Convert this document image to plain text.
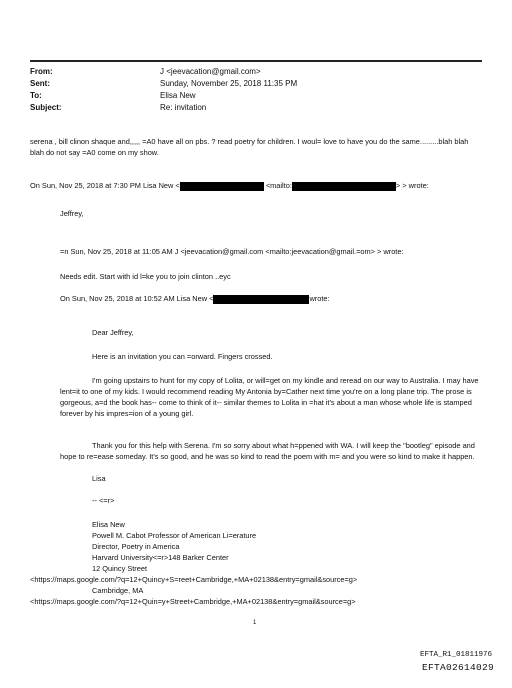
From:	J <jeevacation@gmail.com>
Sent:	Sunday, November 25, 2018 11:35 PM
To:	Elisa New
Subject:	Re: invitation
serena , bill clinon shaque and,,,,, =A0 have all on pbs. ? read poetry for children. I woul= love to have you do the same.........blah blah blah do not say =A0 come on my show.
On Sun, Nov 25, 2018 at 7:30 PM Lisa New <	<mailto:	> > wrote:
Jeffrey,
=n Sun, Nov 25, 2018 at 11:05 AM J <jeevacation@gmail.com <mailto:jeevacation@gmail.=om> > wrote:
Needs edit. Start with id l=ke you to join clinton ..eyc
On Sun, Nov 25, 2018 at 10:52 AM Lisa New <	wrote:
Dear Jeffrey,
Here is an invitation you can =orward. Fingers crossed.
I'm going upstairs to hunt for my copy of Lolita, or will=get on my kindle and reread on our way to Australia. I may have lent=it to one of my kids. I would recommend reading My Antonia by=Cather next time you're on a long plane trip. The prose is gorgeous, a=d the book has-- come to think of it-- similar themes to Lolita in =hat it's about a man whose whole life is stamped forever by his impres=ion of a young girl.
Thank you for this help with Serena. I'm so sorry about what h=ppened with WA. I will keep the "bootleg" episode and hope to re=ease someday. It's so good, and he was so kind to read the poem with m= and you were so kind to make it happen.
Lisa
-- <=r>
Elisa New
Powell M. Cabot Professor of American Li=erature
Director, Poetry in America
Harvard University<=r>148 Barker Center
12 Quincy Street
<https://maps.google.com/?q=12+Quincy+S=reet+Cambridge,+MA+02138&entry=gmail&source=g>
Cambridge, MA
<https://maps.google.com/?q=12+Quin=y+Street+Cambridge,+MA+02138&entry=gmail&source=g>
1
EFTA_R1_01811976
EFTA02614029
